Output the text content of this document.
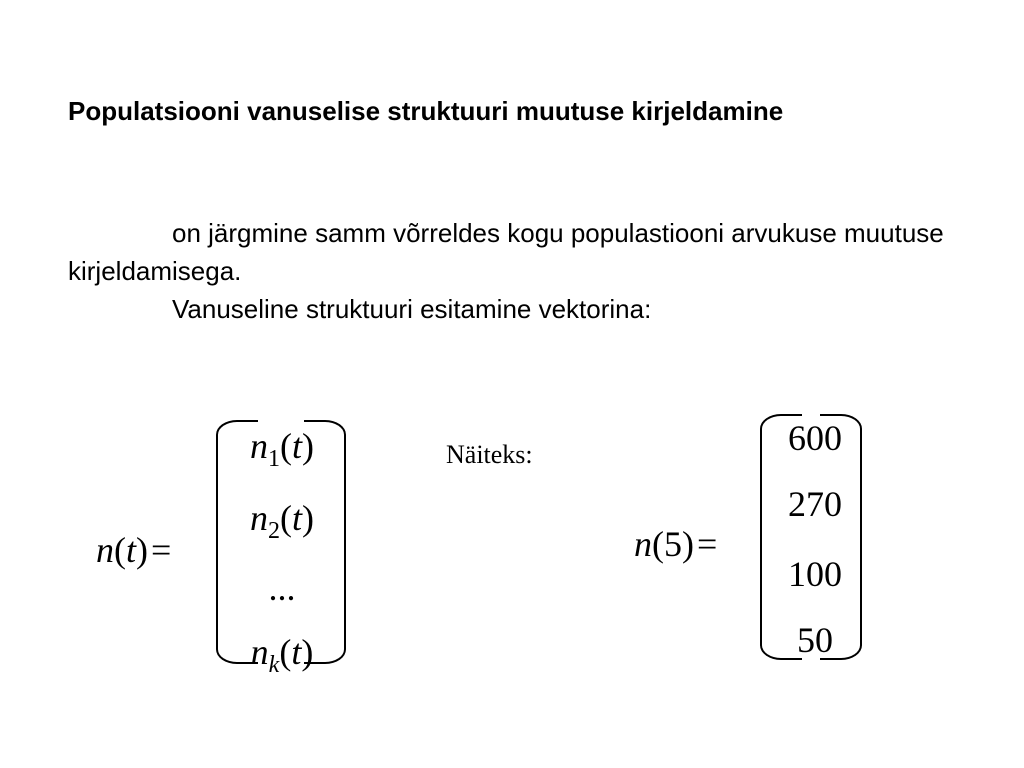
Populatsiooni vanuselise struktuuri muutuse kirjeldamine

on järgmine samm võrreldes kogu populastiooni arvukuse muutuse kirjeldamisega.

Vanuseline struktuuri esitamine vektorina:

n(t) =
$n_1(t)$
$n_2(t)$
...
$n_k(t)$
Näiteks:
n(5) =
600
270
100
50
